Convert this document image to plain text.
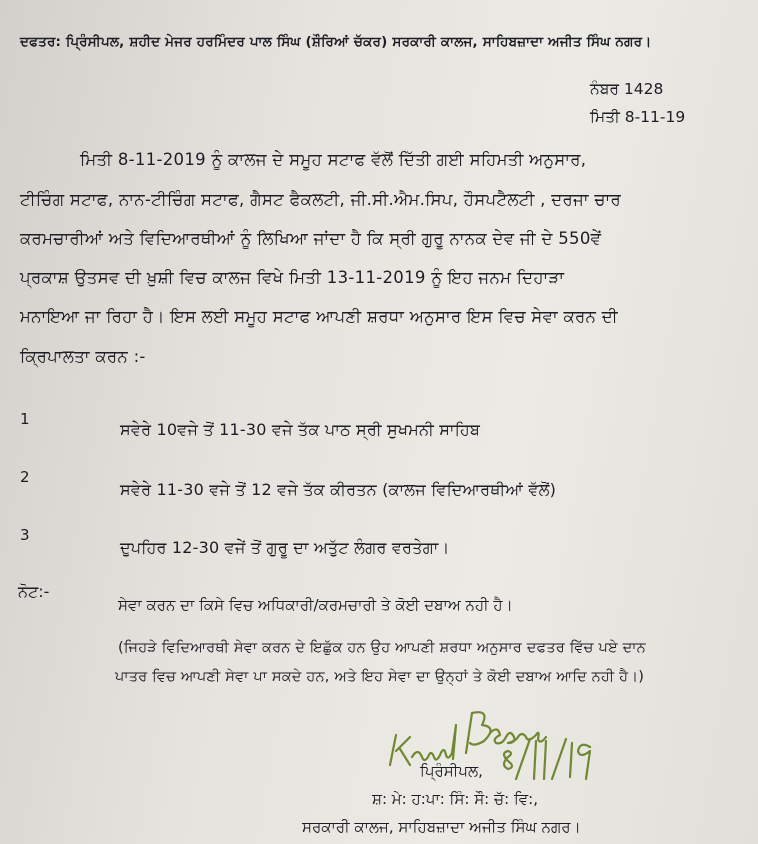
ਦਫਤਰ: ਪ੍ਰਿੰਸੀਪਲ, ਸ਼ਹੀਦ ਮੇਜਰ ਹਰਮਿੰਦਰ ਪਾਲ ਸਿੰਘ (ਸ਼ੌਰਿਆਂ ਚੱਕਰ) ਸਰਕਾਰੀ ਕਾਲਜ, ਸਾਹਿਬਜ਼ਾਦਾ ਅਜੀਤ ਸਿੰਘ ਨਗਰ।
ਨੰਬਰ 1428
ਮਿਤੀ 8-11-19
ਮਿਤੀ 8-11-2019 ਨੂੰ ਕਾਲਜ ਦੇ ਸਮੂਹ ਸਟਾਫ ਵੱਲੋਂ ਦਿੱਤੀ ਗਈ ਸਹਿਮਤੀ ਅਨੁਸਾਰ,
ਟੀਚਿੰਗ ਸਟਾਫ, ਨਾਨ-ਟੀਚਿੰਗ ਸਟਾਫ, ਗੈਸਟ ਫੈਕਲਟੀ, ਜੀ.ਸੀ.ਐਮ.ਸਿਪ, ਹੌਸਪਟੈਲਟੀ , ਦਰਜਾ ਚਾਰ
ਕਰਮਚਾਰੀਆਂ ਅਤੇ ਵਿਦਿਆਰਥੀਆਂ ਨੂੰ ਲਿਖਿਆ ਜਾਂਦਾ ਹੈ ਕਿ ਸ੍ਰੀ ਗੁਰੂ ਨਾਨਕ ਦੇਵ ਜੀ ਦੇ 550ਵੇਂ
ਪ੍ਰਕਾਸ਼ ਉਤਸਵ ਦੀ ਖ਼ੁਸ਼ੀ ਵਿਚ ਕਾਲਜ ਵਿਖੇ ਮਿਤੀ 13-11-2019 ਨੂੰ ਇਹ ਜਨਮ ਦਿਹਾੜਾ
ਮਨਾਇਆ ਜਾ ਰਿਹਾ ਹੈ। ਇਸ ਲਈ ਸਮੂਹ ਸਟਾਫ ਆਪਣੀ ਸ਼ਰਧਾ ਅਨੁਸਾਰ ਇਸ ਵਿਚ ਸੇਵਾ ਕਰਨ ਦੀ
ਕ੍ਰਿਪਾਲਤਾ ਕਰਨ :-
1
ਸਵੇਰੇ 10ਵਜੇ ਤੋਂ 11-30 ਵਜੇ ਤੱਕ ਪਾਠ ਸ੍ਰੀ ਸੁਖਮਨੀ ਸਾਹਿਬ
2
ਸਵੇਰੇ 11-30 ਵਜੇ ਤੋਂ 12 ਵਜੇ ਤੱਕ ਕੀਰਤਨ (ਕਾਲਜ ਵਿਦਿਆਰਥੀਆਂ ਵੱਲੋਂ)
3
ਦੁਪਹਿਰ 12-30 ਵਜੇਂ ਤੋਂ ਗੁਰੂ ਦਾ ਅਤੁੱਟ ਲੰਗਰ ਵਰਤੇਗਾ।
ਨੋਟ:-
ਸੇਵਾ ਕਰਨ ਦਾ ਕਿਸੇ ਵਿਚ ਅਧਿਕਾਰੀ/ਕਰਮਚਾਰੀ ਤੇ ਕੋਈ ਦਬਾਅ ਨਹੀ ਹੈ।
(ਜਿਹੜੇ ਵਿਦਿਆਰਥੀ ਸੇਵਾ ਕਰਨ ਦੇ ਇਛੁੱਕ ਹਨ ਉਹ ਆਪਣੀ ਸ਼ਰਧਾ ਅਨੁਸਾਰ ਦਫਤਰ ਵਿੱਚ ਪਏ ਦਾਨ
ਪਾਤਰ ਵਿਚ ਆਪਣੀ ਸੇਵਾ ਪਾ ਸਕਦੇ ਹਨ, ਅਤੇ ਇਹ ਸੇਵਾ ਦਾ ਉਨ੍ਹਾਂ ਤੇ ਕੋਈ ਦਬਾਅ ਆਦਿ ਨਹੀ ਹੈ।)
ਪ੍ਰਿੰਸੀਪਲ,
ਸ਼: ਮੇ: ਹ:ਪਾ: ਸਿੰ: ਸੌ: ਚੱ: ਵਿ:,
ਸਰਕਾਰੀ ਕਾਲਜ, ਸਾਹਿਬਜ਼ਾਦਾ ਅਜੀਤ ਸਿੰਘ ਨਗਰ।
